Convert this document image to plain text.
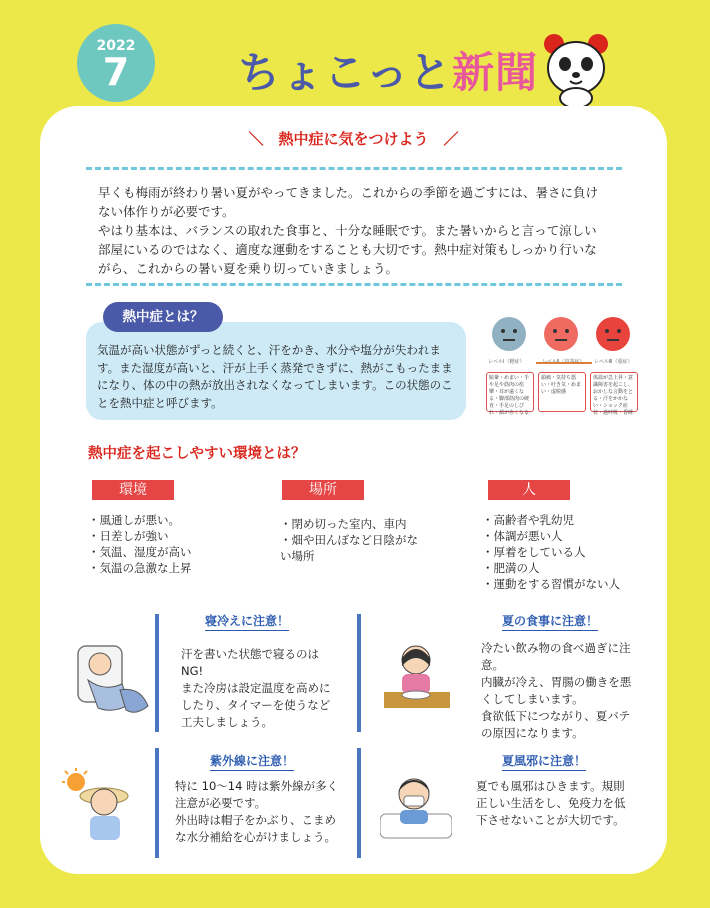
2022
7	ちょこっと新聞
＼　熱中症に気をつけよう　／

早くも梅雨が終わり暑い夏がやってきました。これからの季節を過ごすには、暑さに負けない体作りが必要です。

やはり基本は、バランスの取れた食事と、十分な睡眠です。また暑いからと言って涼しい部屋にいるのではなく、適度な運動をすることも大切です。熱中症対策もしっかり行いながら、これからの暑い夏を乗り切っていきましょう。

熱中症とは？
気温が高い状態がずっと続くと、汗をかき、水分や塩分が失われます。また湿度が高いと、汗が上手く蒸発できずに、熱がこもったままになり、体の中の熱が放出されなくなってしまいます。この状態のことを熱中症と呼びます。
レベルⅠ（軽症）	レベルⅢ（重症）
眩暈・めまい・手や足や筋肉の痙攣・耳が遠くなる・脚部筋肉の硬直・手足のしびれ・顔が赤くなる
頭痛・気持ち悪い・吐き気・めまい・虚脱感
体温が急上昇・意識障害を起こし、おかしな言動をとる・汗をかかない・ショック症状・過呼吸・昏睡
熱中症を起こしやすい環境とは？
環境
・風通しが悪い。
・日差しが強い
・気温、湿度が高い
・気温の急激な上昇
場所
・閉め切った室内、車内
・畑や田んぼなど日陰がない場所
人
・高齢者や乳幼児
・体調が悪い人
・厚着をしている人
・肥満の人
・運動をする習慣がない人
寝冷えに注意！

汗を書いた状態で寝るのはNG!

また冷房は設定温度を高めにしたり、タイマーを使うなど工夫しましょう。

夏の食事に注意！

冷たい飲み物の食べ過ぎに注意。

内臓が冷え、胃腸の働きを悪くしてしまいます。

食欲低下につながり、夏バテの原因になります。

紫外線に注意！

特に 10〜14 時は紫外線が多く注意が必要です。

外出時は帽子をかぶり、こまめな水分補給を心がけましょう。

夏風邪に注意！

夏でも風邪はひきます。規則正しい生活をし、免疫力を低下させないことが大切です。
